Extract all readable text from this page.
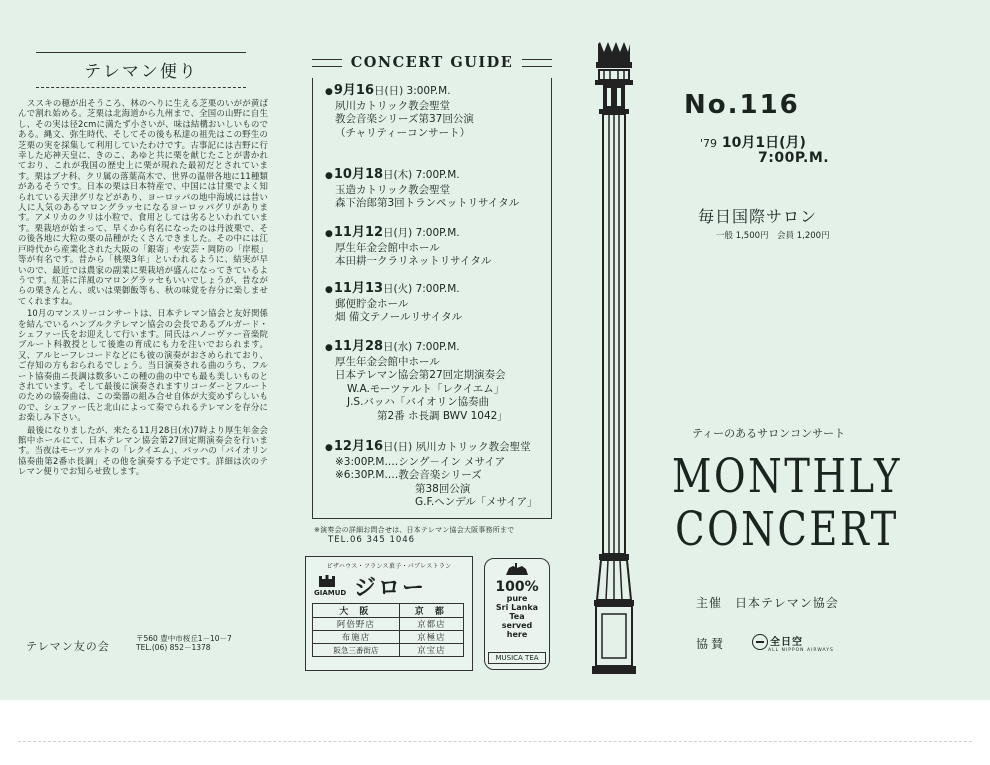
テレマン便り

ススキの穂が出そうころ、林のへりに生える芝栗のいがが黄ばんで割れ始める。芝栗は北海道から九州まで、全国の山野に自生し、その実は径2cmに満たず小さいが、味は結構おいしいものである。縄文、弥生時代、そしてその後も私達の祖先はこの野生の芝栗の実を採集して利用していたわけです。古事記には吉野に行幸した応神天皇に、きのこ、あゆと共に栗を献じたことが書かれており、これが我国の歴史上に栗が現れた最初だとされています。栗はブナ科、クリ属の落葉高木で、世界の温帯各地に11種類があるそうです。日本の栗は日本特産で、中国には甘栗でよく知られている天津グリなどがあり、ヨーロッパの地中海域には昔い人に人気のあるマロングラッセになるヨーロッパグリがあります。アメリカのクリは小粒で、食用としては劣るといわれています。栗栽培が始まって、早くから有名になったのは丹波栗で、その後各地に大粒の栗の品種がたくさんできました。その中には江戸時代から産業化された大阪の「銀寄」や安芸・岡防の「岸根」等が有名です。昔から「桃栗3年」といわれるように、結実が早いので、最近では農家の副業に栗栽培が盛んになってきているようです。紅茶に洋風のマロングラッセもいいでしょうが、昔ながらの栗きんとん、或いは栗御飯等も、秋の味覚を存分に楽しませてくれますね。

10月のマンスリーコンサートは、日本テレマン協会と友好関係を結んでいるハンブルクテレマン協会の会長であるブルガード・シェファー氏をお迎えして行います。同氏はハノーヴァー音楽院ブルート科教授として後進の育成にも力を注いでおられます。又、アルヒーフレコードなどにも彼の演奏がおさめられており、ご存知の方もおられるでしょう。当日演奏される曲のうち、フルート協奏曲ニ長調は数多いこの種の曲の中でも最も美しいものとされています。そして最後に演奏されますリコーダーとフルートのための協奏曲は、この楽器の組み合せ自体が大変めずらしいもので、シェファー氏と北山によって奏でられるテレマンを存分にお楽しみ下さい。

最後になりましたが、来たる11月28日(水)7時より厚生年金会館中ホールにて、日本テレマン協会第27回定期演奏会を行います。当夜はモーツァルトの「レクイエム」、バッハの「バイオリン協奏曲第2番ホ長調」その他を演奏する予定です。詳細は次のテレマン便りでお知らせ致します。

テレマン友の会
〒560 豊中市桜丘1－10－7
TEL.(06) 852－1378
CONCERT GUIDE
●9月16日(日) 3:00P.M.
夙川カトリック教会聖堂
教会音楽シリーズ第37回公演
（チャリティーコンサート）
●10月18日(木) 7:00P.M.
玉造カトリック教会聖堂
森下治郎第3回トランペットリサイタル
●11月12日(月) 7:00P.M.
厚生年金会館中ホール
本田耕一クラリネットリサイタル
●11月13日(火) 7:00P.M.
郵便貯金ホール
畑 備文テノールリサイタル
●11月28日(水) 7:00P.M.
厚生年金会館中ホール
日本テレマン協会第27回定期演奏会
W.A.モーツァルト「レクイエム」
J.S.バッハ「バイオリン協奏曲
第2番 ホ長調 BWV 1042」
●12月16日(日) 夙川カトリック教会聖堂
※3:00P.M.…シング－イン メサイア
※6:30P.M.…教会音楽シリーズ
第38回公演
G.F.ヘンデル「メサイア」
※演奏会の詳細お問合せは、日本テレマン協会大阪事務所まで
TEL.06 345 1046
ピザハウス・フランス菓子・パブレストラン
GIAMUD ジロー
大 阪	京 都
阿倍野店	京都店
布施店	京極店
阪急三番街店	京宝店
100%
pure
Sri Lanka
Tea
served
here
MUSICA TEA
No.116
'79 10月1日(月)
7:00P.M.
毎日国際サロン
一般 1,500円　会員 1,200円
ティーのあるサロンコンサート
MONTHLY
CONCERT
主催　日本テレマン協会
協賛	全日空
ALL NIPPON AIRWAYS
